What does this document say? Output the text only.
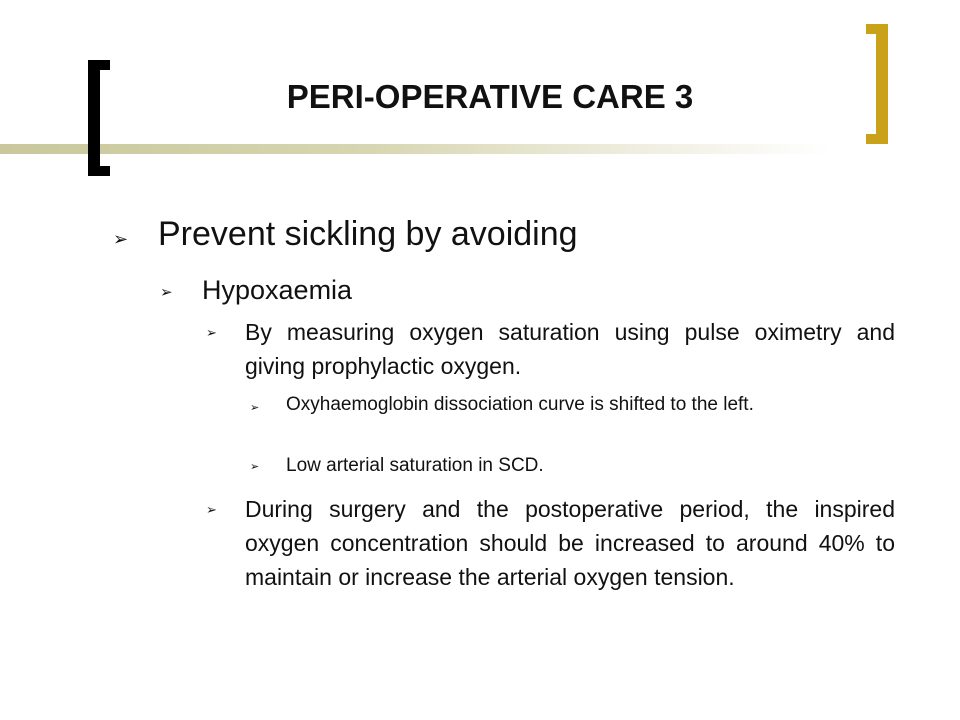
PERI-OPERATIVE CARE 3
➢ Prevent sickling by avoiding
➢ Hypoxaemia
➢ By measuring oxygen saturation using pulse oximetry and giving prophylactic oxygen.
➢ Oxyhaemoglobin dissociation curve is shifted to the left.
➢ Low arterial saturation in SCD.
➢ During surgery and the postoperative period, the inspired oxygen concentration should be increased to around 40% to maintain or increase the arterial oxygen tension.
